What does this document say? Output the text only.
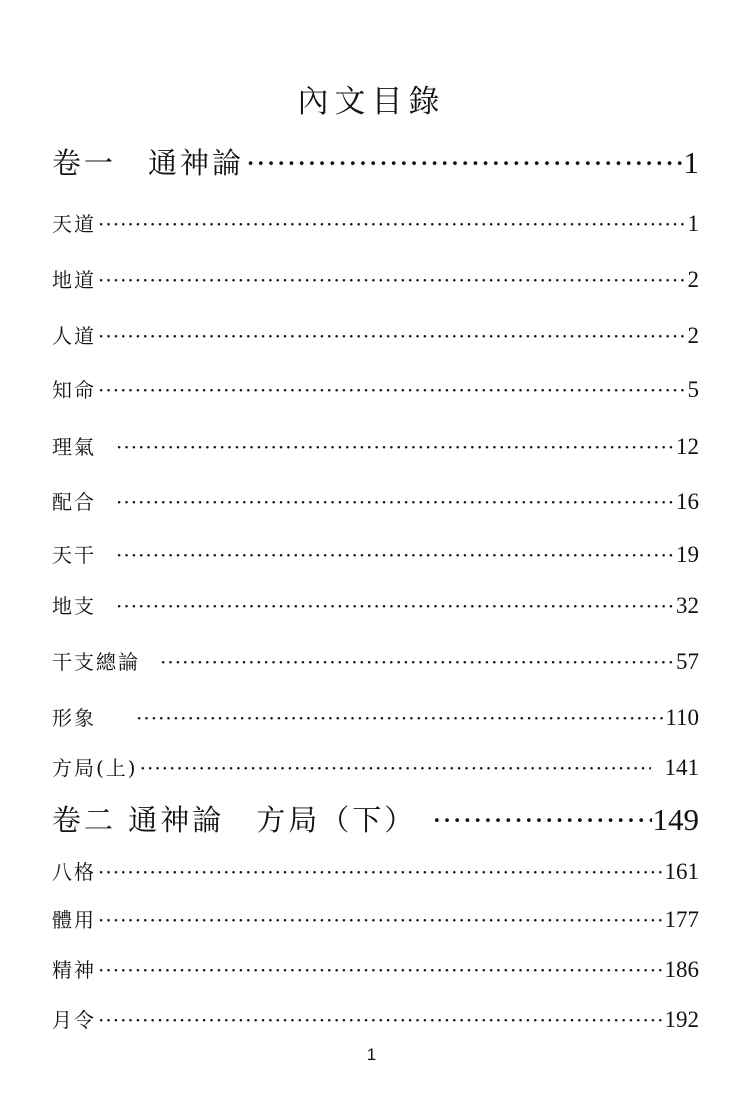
內文目錄
卷一　通神論 ·····	1
天道 ·····	1
地道 ·····	2
人道 ·····	2
知命 ·····	5
理氣 ·····	12
配合 ·····	16
天干 ·····	19
地支 ·····	32
干支總論 ·····	57
形象 ·····	110
方局(上) ·····	141
卷二 通神論　方局（下） ·····	149
八格 ·····	161
體用 ·····	177
精神 ·····	186
月令 ·····	192
1
